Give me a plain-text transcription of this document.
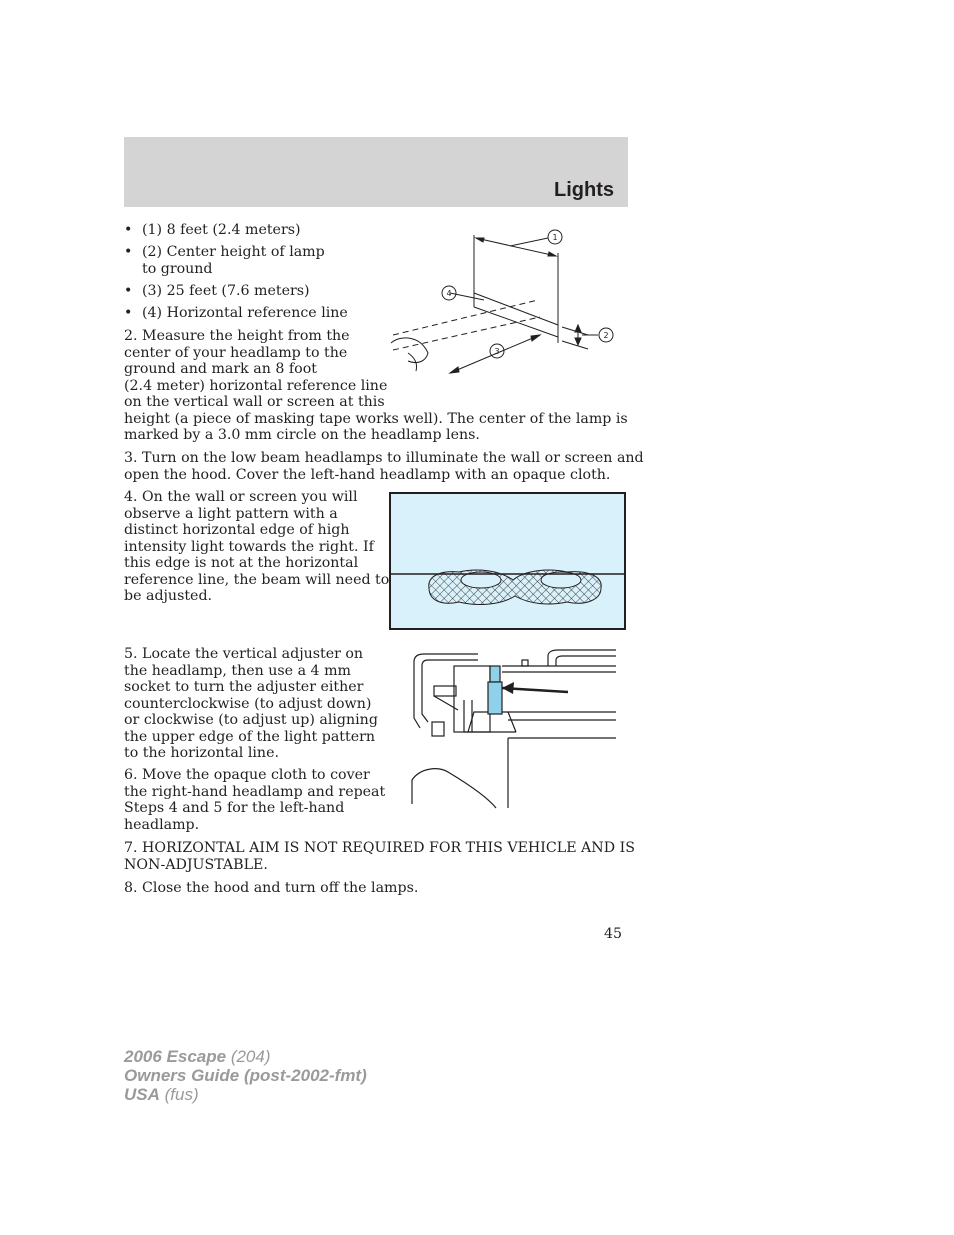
Lights
• (1) 8 feet (2.4 meters)
• (2) Center height of lamp to ground
• (3) 25 feet (7.6 meters)
• (4) Horizontal reference line
1
4
2
3
2. Measure the height from the
center of your headlamp to the
ground and mark an 8 foot
(2.4 meter) horizontal reference line
on the vertical wall or screen at this
height (a piece of masking tape works well). The center of the lamp is
marked by a 3.0 mm circle on the headlamp lens.
3. Turn on the low beam headlamps to illuminate the wall or screen and
open the hood. Cover the left-hand headlamp with an opaque cloth.
4. On the wall or screen you will
observe a light pattern with a
distinct horizontal edge of high
intensity light towards the right. If
this edge is not at the horizontal
reference line, the beam will need to
be adjusted.
5. Locate the vertical adjuster on
the headlamp, then use a 4 mm
socket to turn the adjuster either
counterclockwise (to adjust down)
or clockwise (to adjust up) aligning
the upper edge of the light pattern
to the horizontal line.
6. Move the opaque cloth to cover
the right-hand headlamp and repeat
Steps 4 and 5 for the left-hand
headlamp.
7. HORIZONTAL AIM IS NOT REQUIRED FOR THIS VEHICLE AND IS
NON-ADJUSTABLE.
8. Close the hood and turn off the lamps.
45
2006 Escape (204)
Owners Guide (post-2002-fmt)
USA (fus)
